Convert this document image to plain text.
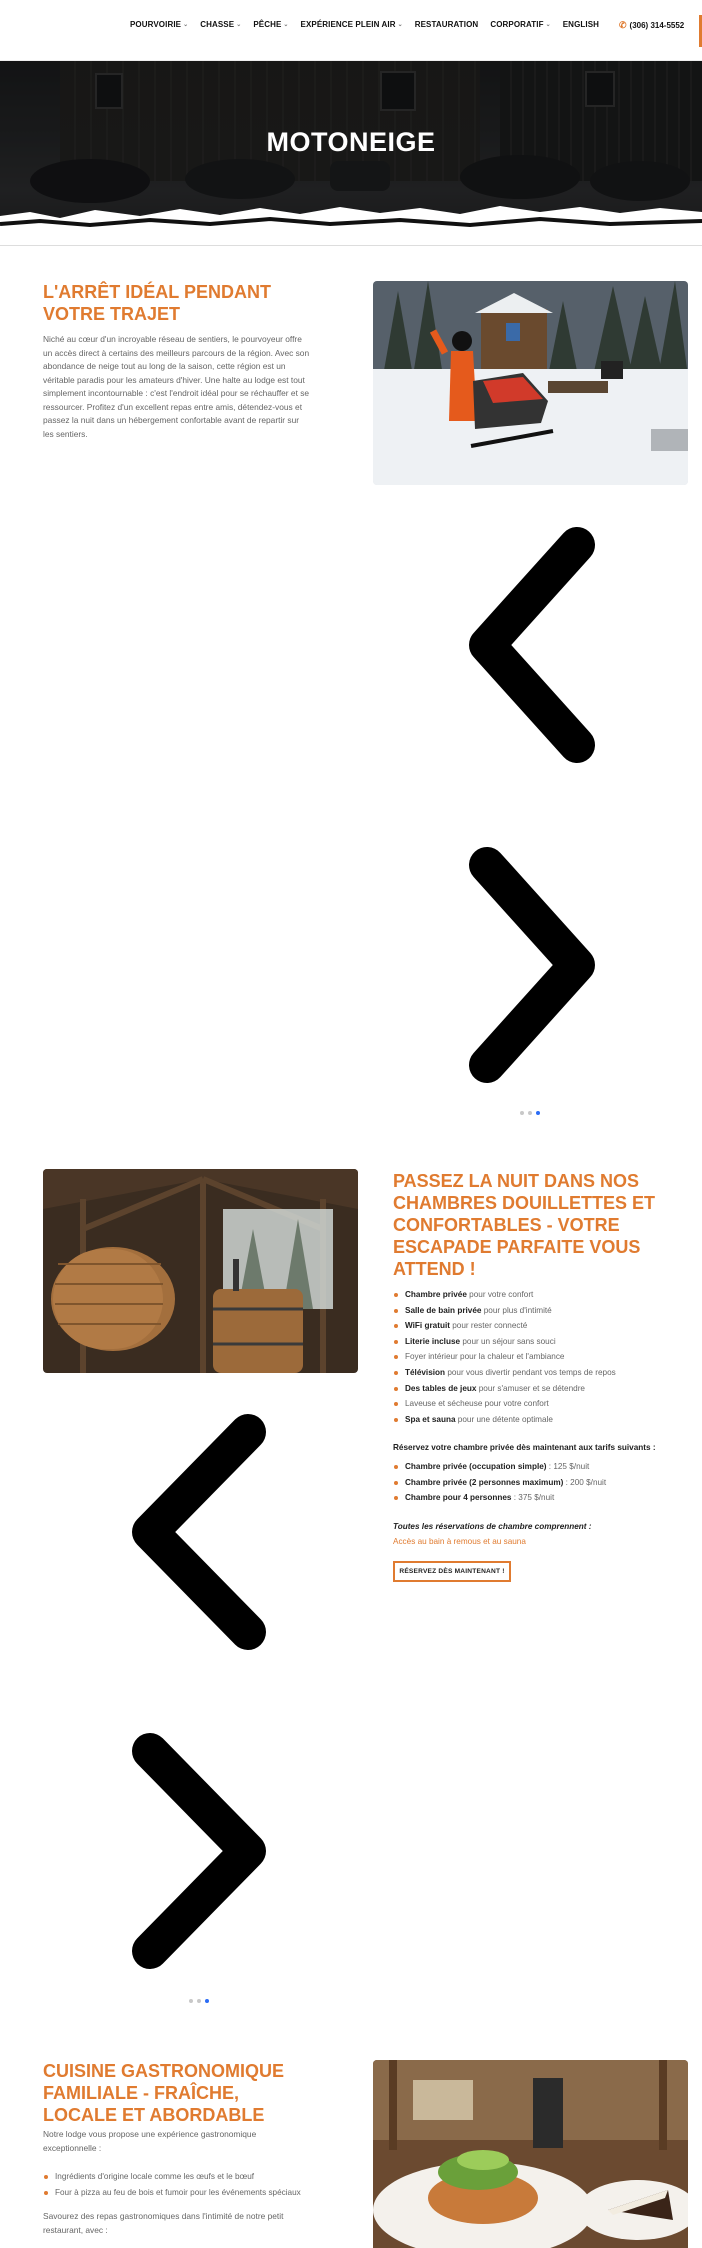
POURVOIRIE ⌄ CHASSE ⌄ PÊCHE ⌄ EXPÉRIENCE PLEIN AIR ⌄ RESTAURATION CORPORATIF ⌄ ENGLISH ✆ (306) 314-5552
MOTONEIGE
L'ARRÊT IDÉAL PENDANT
VOTRE TRAJET
Niché au cœur d'un incroyable réseau de sentiers, le pourvoyeur offre
un accès direct à certains des meilleurs parcours de la région. Avec son
abondance de neige tout au long de la saison, cette région est un
véritable paradis pour les amateurs d'hiver. Une halte au lodge est tout
simplement incontournable : c'est l'endroit idéal pour se réchauffer et se
ressourcer. Profitez d'un excellent repas entre amis, détendez-vous et
passez la nuit dans un hébergement confortable avant de repartir sur
les sentiers.
PASSEZ LA NUIT DANS NOS
CHAMBRES DOUILLETTES ET
CONFORTABLES - VOTRE
ESCAPADE PARFAITE VOUS
ATTEND !
Chambre privée pour votre confort
Salle de bain privée pour plus d'intimité
WiFi gratuit pour rester connecté
Literie incluse pour un séjour sans souci
Foyer intérieur pour la chaleur et l'ambiance
Télévision pour vous divertir pendant vos temps de repos
Des tables de jeux pour s'amuser et se détendre
Laveuse et sécheuse pour votre confort
Spa et sauna pour une détente optimale
Réservez votre chambre privée dès maintenant aux tarifs suivants :
Chambre privée (occupation simple) : 125 $/nuit
Chambre privée (2 personnes maximum) : 200 $/nuit
Chambre pour 4 personnes : 375 $/nuit
Toutes les réservations de chambre comprennent :
Accès au bain à remous et au sauna
RÉSERVEZ DÈS MAINTENANT !
CUISINE GASTRONOMIQUE
FAMILIALE - FRAÎCHE,
LOCALE ET ABORDABLE
Notre lodge vous propose une expérience gastronomique
exceptionnelle :
Ingrédients d'origine locale comme les œufs et le bœuf
Four à pizza au feu de bois et fumoir pour les événements spéciaux
Savourez des repas gastronomiques dans l'intimité de notre petit
restaurant, avec :
